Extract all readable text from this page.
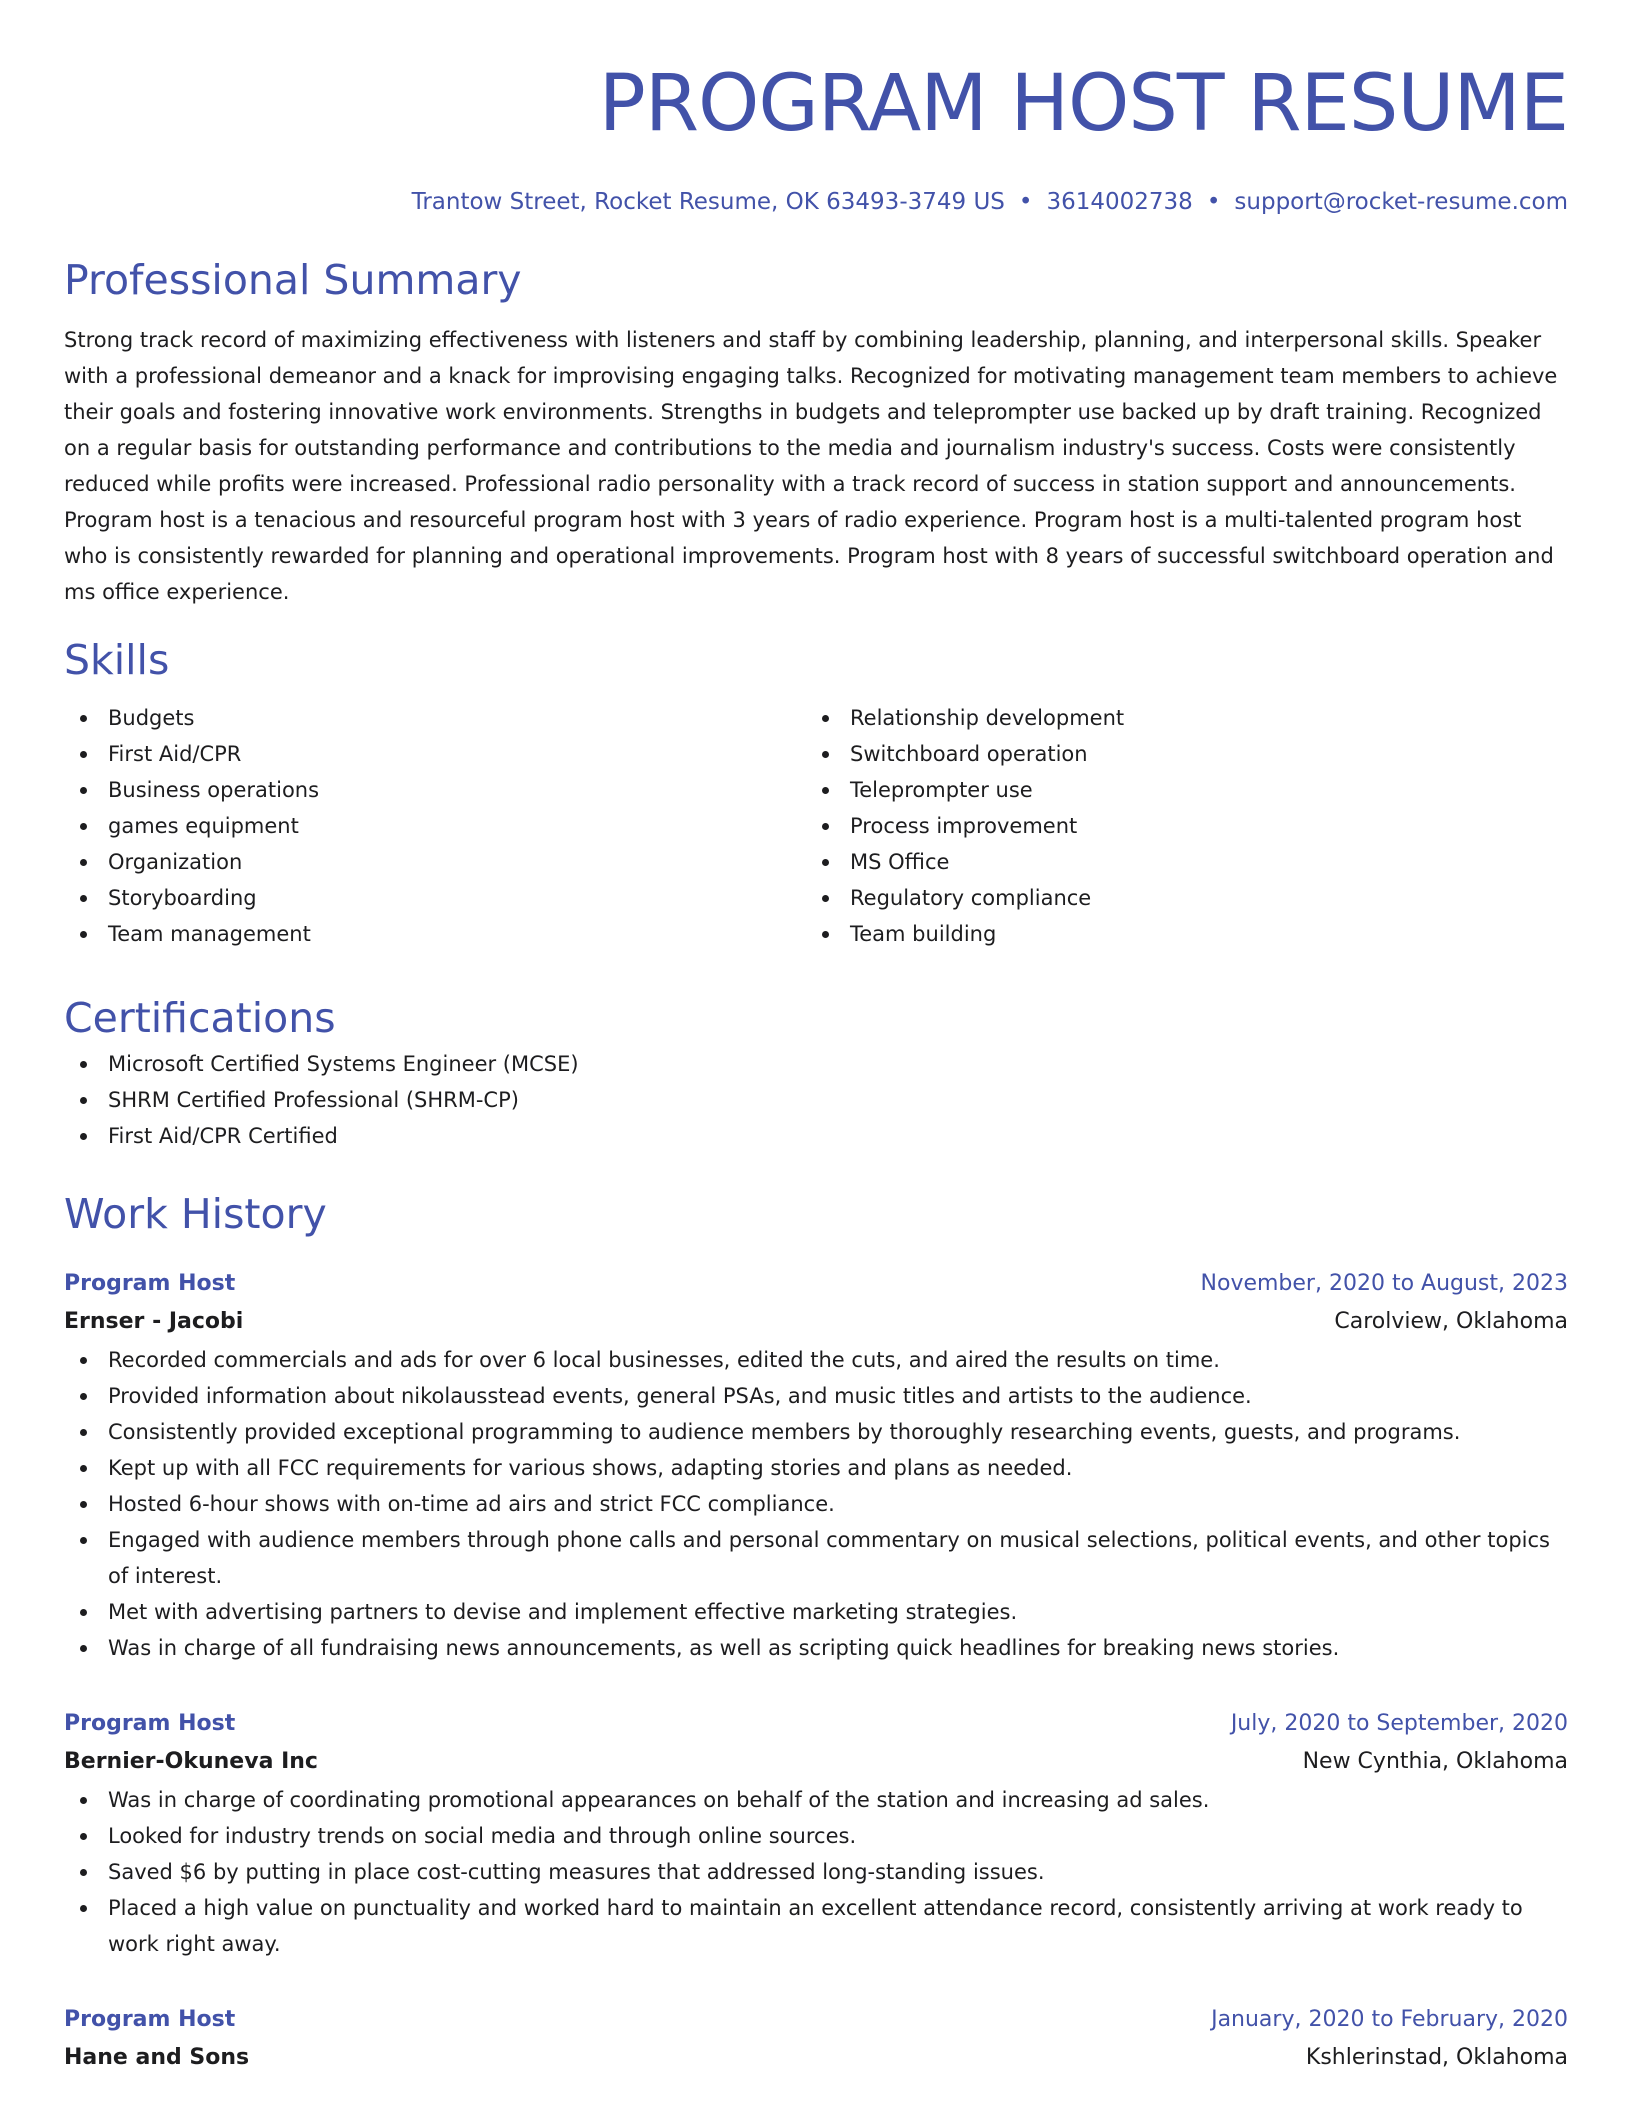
PROGRAM HOST RESUME
Trantow Street, Rocket Resume, OK 63493-3749 US • 3614002738 • support@rocket-resume.com
Professional Summary

Strong track record of maximizing effectiveness with listeners and staff by combining leadership, planning, and interpersonal skills. Speaker with a professional demeanor and a knack for improvising engaging talks. Recognized for motivating management team members to achieve their goals and fostering innovative work environments. Strengths in budgets and teleprompter use backed up by draft training. Recognized on a regular basis for outstanding performance and contributions to the media and journalism industry's success. Costs were consistently reduced while profits were increased. Professional radio personality with a track record of success in station support and announcements. Program host is a tenacious and resourceful program host with 3 years of radio experience. Program host is a multi-talented program host who is consistently rewarded for planning and operational improvements. Program host with 8 years of successful switchboard operation and ms office experience.

Skills
Budgets
First Aid/CPR
Business operations
games equipment
Organization
Storyboarding
Team management
Relationship development
Switchboard operation
Teleprompter use
Process improvement
MS Office
Regulatory compliance
Team building
Certifications
Microsoft Certified Systems Engineer (MCSE)
SHRM Certified Professional (SHRM-CP)
First Aid/CPR Certified
Work History
Program Host	November, 2020 to August, 2023
Ernser - Jacobi	Carolview, Oklahoma
Recorded commercials and ads for over 6 local businesses, edited the cuts, and aired the results on time.
Provided information about nikolausstead events, general PSAs, and music titles and artists to the audience.
Consistently provided exceptional programming to audience members by thoroughly researching events, guests, and programs.
Kept up with all FCC requirements for various shows, adapting stories and plans as needed.
Hosted 6-hour shows with on-time ad airs and strict FCC compliance.
Engaged with audience members through phone calls and personal commentary on musical selections, political events, and other topics of interest.
Met with advertising partners to devise and implement effective marketing strategies.
Was in charge of all fundraising news announcements, as well as scripting quick headlines for breaking news stories.
Program Host	July, 2020 to September, 2020
Bernier-Okuneva Inc	New Cynthia, Oklahoma
Was in charge of coordinating promotional appearances on behalf of the station and increasing ad sales.
Looked for industry trends on social media and through online sources.
Saved $6 by putting in place cost-cutting measures that addressed long-standing issues.
Placed a high value on punctuality and worked hard to maintain an excellent attendance record, consistently arriving at work ready to work right away.
Program Host	January, 2020 to February, 2020
Hane and Sons	Kshlerinstad, Oklahoma
